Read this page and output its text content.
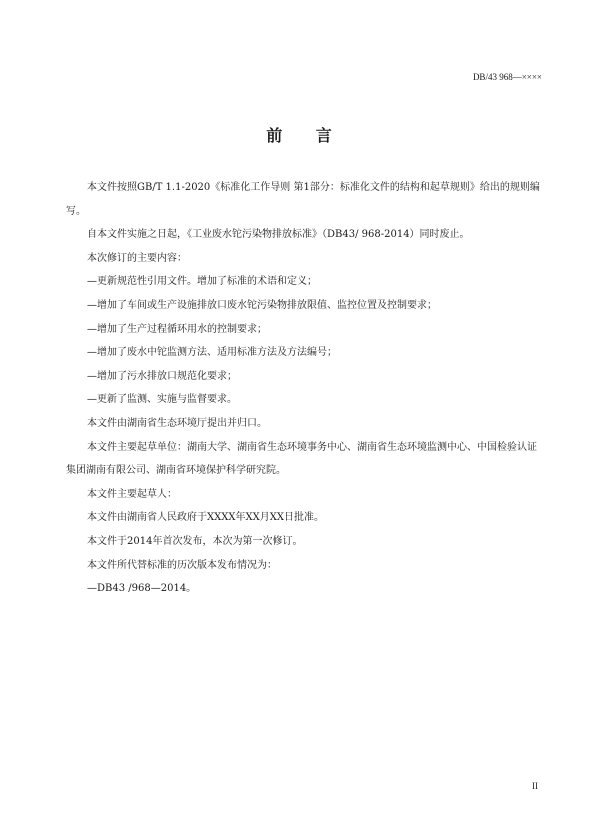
DB/43 968—××××
前 言

本文件按照GB/T 1.1-2020《标准化工作导则 第1部分：标准化文件的结构和起草规则》给出的规则编写。

自本文件实施之日起，《工业废水铊污染物排放标准》（DB43/ 968-2014）同时废止。

本次修订的主要内容：

—更新规范性引用文件。增加了标准的术语和定义；

—增加了车间或生产设施排放口废水铊污染物排放限值、监控位置及控制要求；

—增加了生产过程循环用水的控制要求；

—增加了废水中铊监测方法、适用标准方法及方法编号；

—增加了污水排放口规范化要求；

—更新了监测、实施与监督要求。

本文件由湖南省生态环境厅提出并归口。

本文件主要起草单位：湖南大学、湖南省生态环境事务中心、湖南省生态环境监测中心、中国检验认证集团湖南有限公司、湖南省环境保护科学研究院。

本文件主要起草人：

本文件由湖南省人民政府于XXXX年XX月XX日批准。

本文件于2014年首次发布，本次为第一次修订。

本文件所代替标准的历次版本发布情况为：

—DB43 /968—2014。

II
